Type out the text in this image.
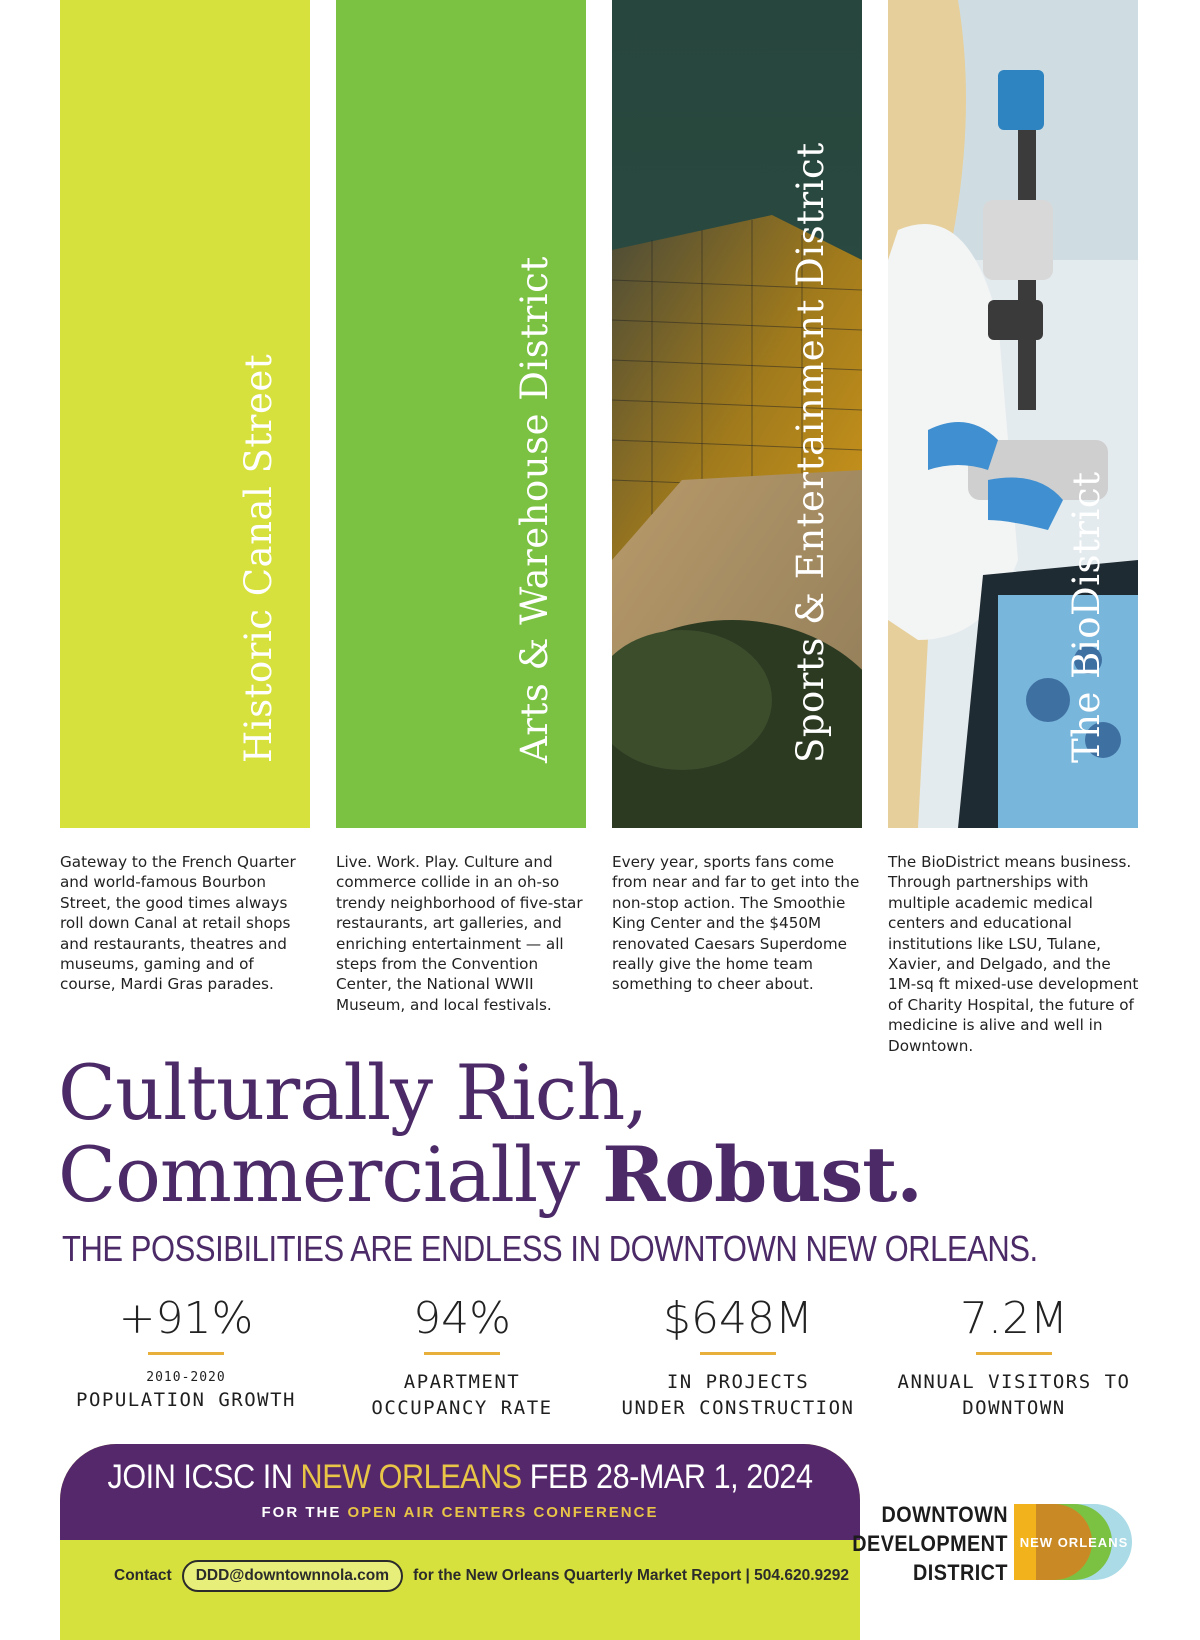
Historic Canal Street	Arts & Warehouse District	Sports & Entertainment District	The BioDistrict
Gateway to the French Quarter and world-famous Bourbon Street, the good times always roll down Canal at retail shops and restaurants, theatres and museums, gaming and of course, Mardi Gras parades.
Live. Work. Play. Culture and commerce collide in an oh-so trendy neighborhood of five-star restaurants, art galleries, and enriching entertainment — all steps from the Convention Center, the National WWII Museum, and local festivals.
Every year, sports fans come from near and far to get into the non-stop action. The Smoothie King Center and the $450M renovated Caesars Superdome really give the home team something to cheer about.
The BioDistrict means business. Through partnerships with multiple academic medical centers and educational institutions like LSU, Tulane, Xavier, and Delgado, and the 1M-sq ft mixed-use development of Charity Hospital, the future of medicine is alive and well in Downtown.
Culturally Rich,
Commercially Robust.
THE POSSIBILITIES ARE ENDLESS IN DOWNTOWN NEW ORLEANS.
+91%
2010-2020
POPULATION GROWTH
94%
APARTMENT
OCCUPANCY RATE
$648M
IN PROJECTS
UNDER CONSTRUCTION
7.2M
ANNUAL VISITORS TO
DOWNTOWN
JOIN ICSC IN NEW ORLEANS FEB 28-MAR 1, 2024
FOR THE OPEN AIR CENTERS CONFERENCE
Contact	DDD@downtownnola.com	for the New Orleans Quarterly Market Report | 504.620.9292
DOWNTOWN
DEVELOPMENT
DISTRICT
NEW ORLEANS
